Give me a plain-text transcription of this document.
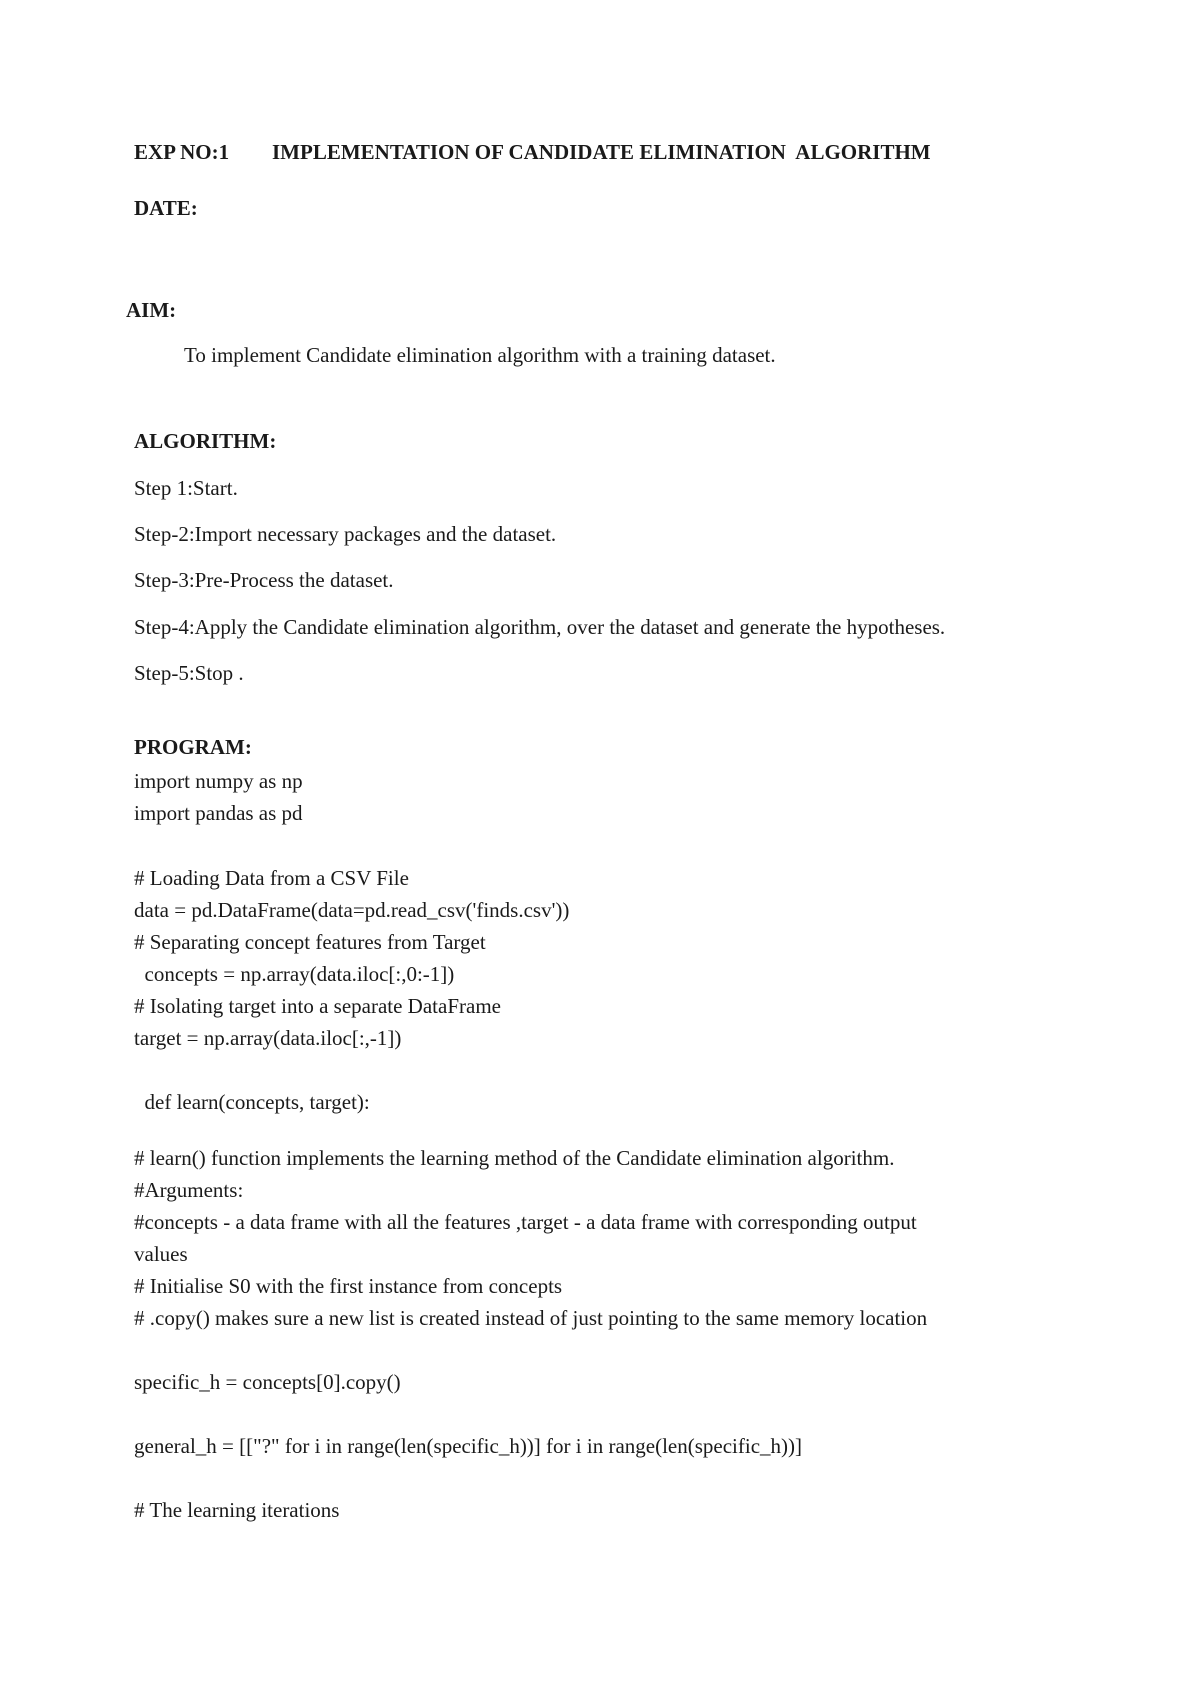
EXP NO:1 IMPLEMENTATION OF CANDIDATE ELIMINATION  ALGORITHM
DATE:
AIM:
To implement Candidate elimination algorithm with a training dataset.
ALGORITHM:
Step 1:Start.
Step-2:Import necessary packages and the dataset.
Step-3:Pre-Process the dataset.
Step-4:Apply the Candidate elimination algorithm, over the dataset and generate the hypotheses.
Step-5:Stop .
PROGRAM:
import numpy as np
import pandas as pd
# Loading Data from a CSV File
data = pd.DataFrame(data=pd.read_csv('finds.csv'))
# Separating concept features from Target
concepts = np.array(data.iloc[:,0:-1])
# Isolating target into a separate DataFrame
target = np.array(data.iloc[:,-1])
def learn(concepts, target):
# learn() function implements the learning method of the Candidate elimination algorithm.
#Arguments:
#concepts - a data frame with all the features ,target - a data frame with corresponding output
values
# Initialise S0 with the first instance from concepts
# .copy() makes sure a new list is created instead of just pointing to the same memory location
specific_h = concepts[0].copy()
general_h = [["?" for i in range(len(specific_h))] for i in range(len(specific_h))]
# The learning iterations
